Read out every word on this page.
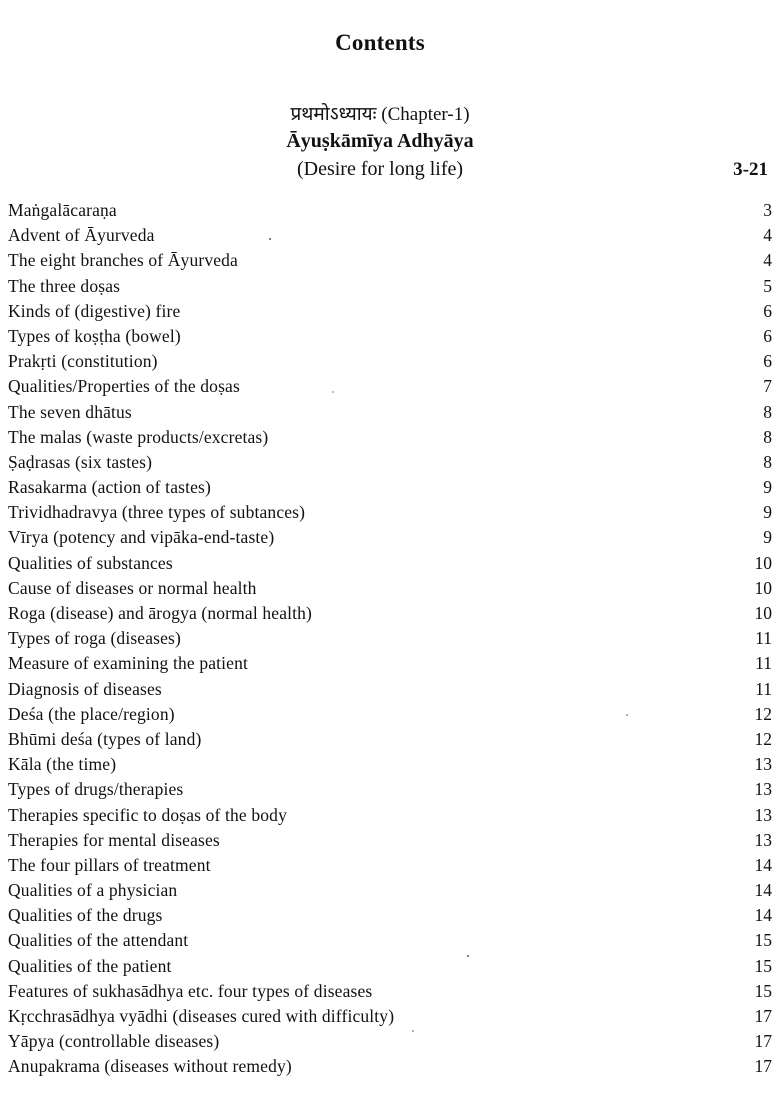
Contents
प्रथमोऽध्यायः (Chapter-1)
Āyuṣkāmīya Adhyāya
(Desire for long life)	3-21
Maṅgalācaraṇa	3
Advent of Āyurveda	4
The eight branches of Āyurveda	4
The three doṣas	5
Kinds of (digestive) fire	6
Types of koṣṭha (bowel)	6
Prakṛti (constitution)	6
Qualities/Properties of the doṣas	7
The seven dhātus	8
The malas (waste products/excretas)	8
Ṣaḍrasas (six tastes)	8
Rasakarma (action of tastes)	9
Trividhadravya (three types of subtances)	9
Vīrya (potency and vipāka-end-taste)	9
Qualities of substances	10
Cause of diseases or normal health	10
Roga (disease) and ārogya (normal health)	10
Types of roga (diseases)	11
Measure of examining the patient	11
Diagnosis of diseases	11
Deśa (the place/region)	12
Bhūmi deśa (types of land)	12
Kāla (the time)	13
Types of drugs/therapies	13
Therapies specific to doṣas of the body	13
Therapies for mental diseases	13
The four pillars of treatment	14
Qualities of a physician	14
Qualities of the drugs	14
Qualities of the attendant	15
Qualities of the patient	15
Features of sukhasādhya etc. four types of diseases	15
Kṛcchrasādhya vyādhi (diseases cured with difficulty)	17
Yāpya (controllable diseases)	17
Anupakrama (diseases without remedy)	17
